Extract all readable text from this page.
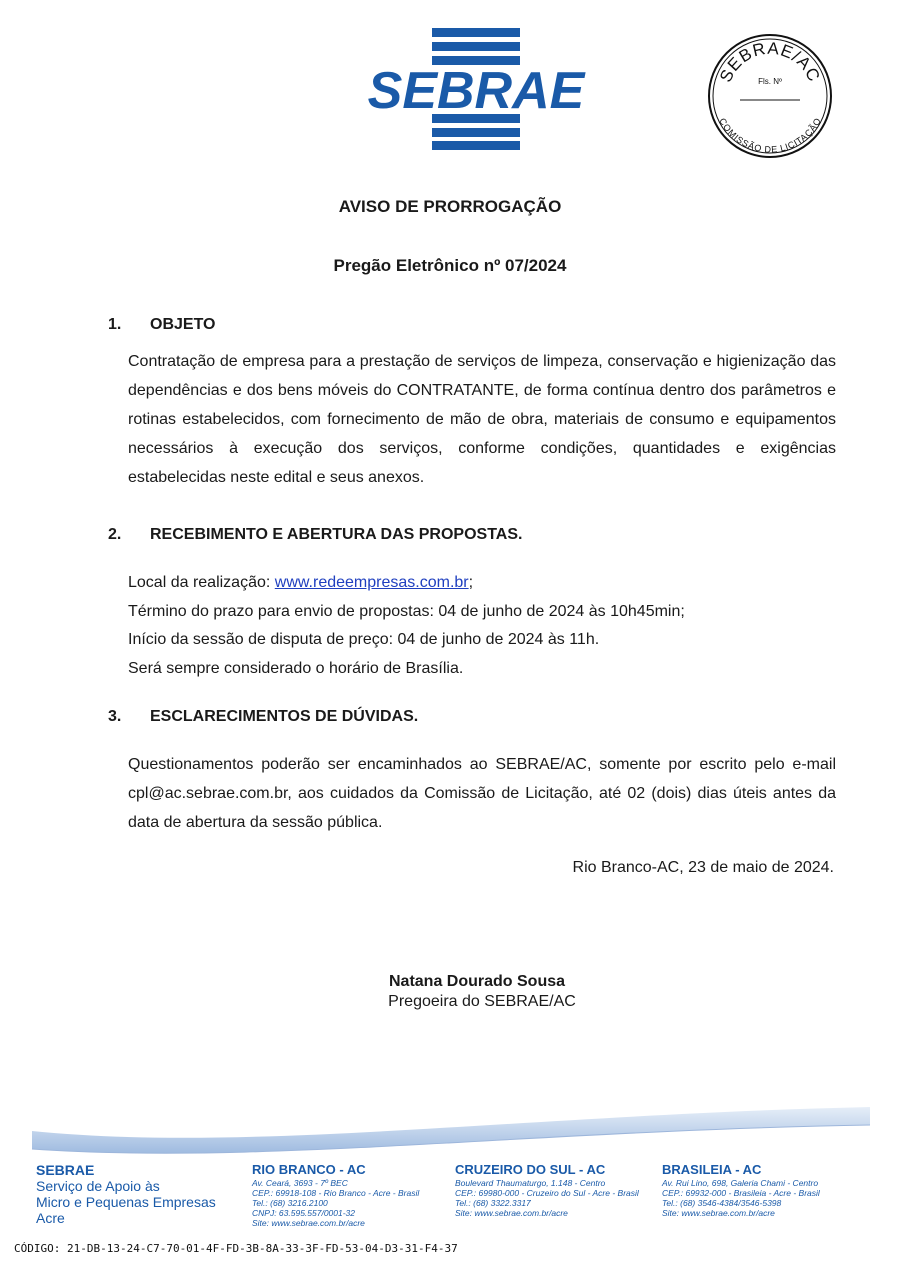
SEBRAE	SEBRAE/AC
Fls. Nº
COMISSÃO DE LICITAÇÃO
AVISO DE PRORROGAÇÃO
Pregão Eletrônico nº 07/2024
1. OBJETO
Contratação de empresa para a prestação de serviços de limpeza, conservação e higienização das dependências e dos bens móveis do CONTRATANTE, de forma contínua dentro dos parâmetros e rotinas estabelecidos, com fornecimento de mão de obra, materiais de consumo e equipamentos necessários à execução dos serviços, conforme condições, quantidades e exigências estabelecidas neste edital e seus anexos.
2. RECEBIMENTO E ABERTURA DAS PROPOSTAS.
Local da realização: www.redeempresas.com.br;
Término do prazo para envio de propostas: 04 de junho de 2024 às 10h45min;
Início da sessão de disputa de preço: 04 de junho de 2024 às 11h.
Será sempre considerado o horário de Brasília.
3. ESCLARECIMENTOS DE DÚVIDAS.
Questionamentos poderão ser encaminhados ao SEBRAE/AC, somente por escrito pelo e-mail cpl@ac.sebrae.com.br, aos cuidados da Comissão de Licitação, até 02 (dois) dias úteis antes da data de abertura da sessão pública.
Rio Branco-AC, 23 de maio de 2024.
Natana Dourado Sousa
Pregoeira do SEBRAE/AC
SEBRAE
Serviço de Apoio às
Micro e Pequenas Empresas
Acre
RIO BRANCO - AC
Av. Ceará, 3693 - 7º BEC
CEP.: 69918-108 - Rio Branco - Acre - Brasil
Tel.: (68) 3216.2100
CNPJ: 63.595.557/0001-32
Site: www.sebrae.com.br/acre
CRUZEIRO DO SUL - AC
Boulevard Thaumaturgo, 1.148 - Centro
CEP.: 69980-000 - Cruzeiro do Sul - Acre - Brasil
Tel.: (68) 3322.3317
Site: www.sebrae.com.br/acre
BRASILEIA - AC
Av. Rui Lino, 698, Galeria Chami - Centro
CEP.: 69932-000 - Brasileia - Acre - Brasil
Tel.: (68) 3546-4384/3546-5398
Site: www.sebrae.com.br/acre
CÓDIGO: 21-DB-13-24-C7-70-01-4F-FD-3B-8A-33-3F-FD-53-04-D3-31-F4-37
